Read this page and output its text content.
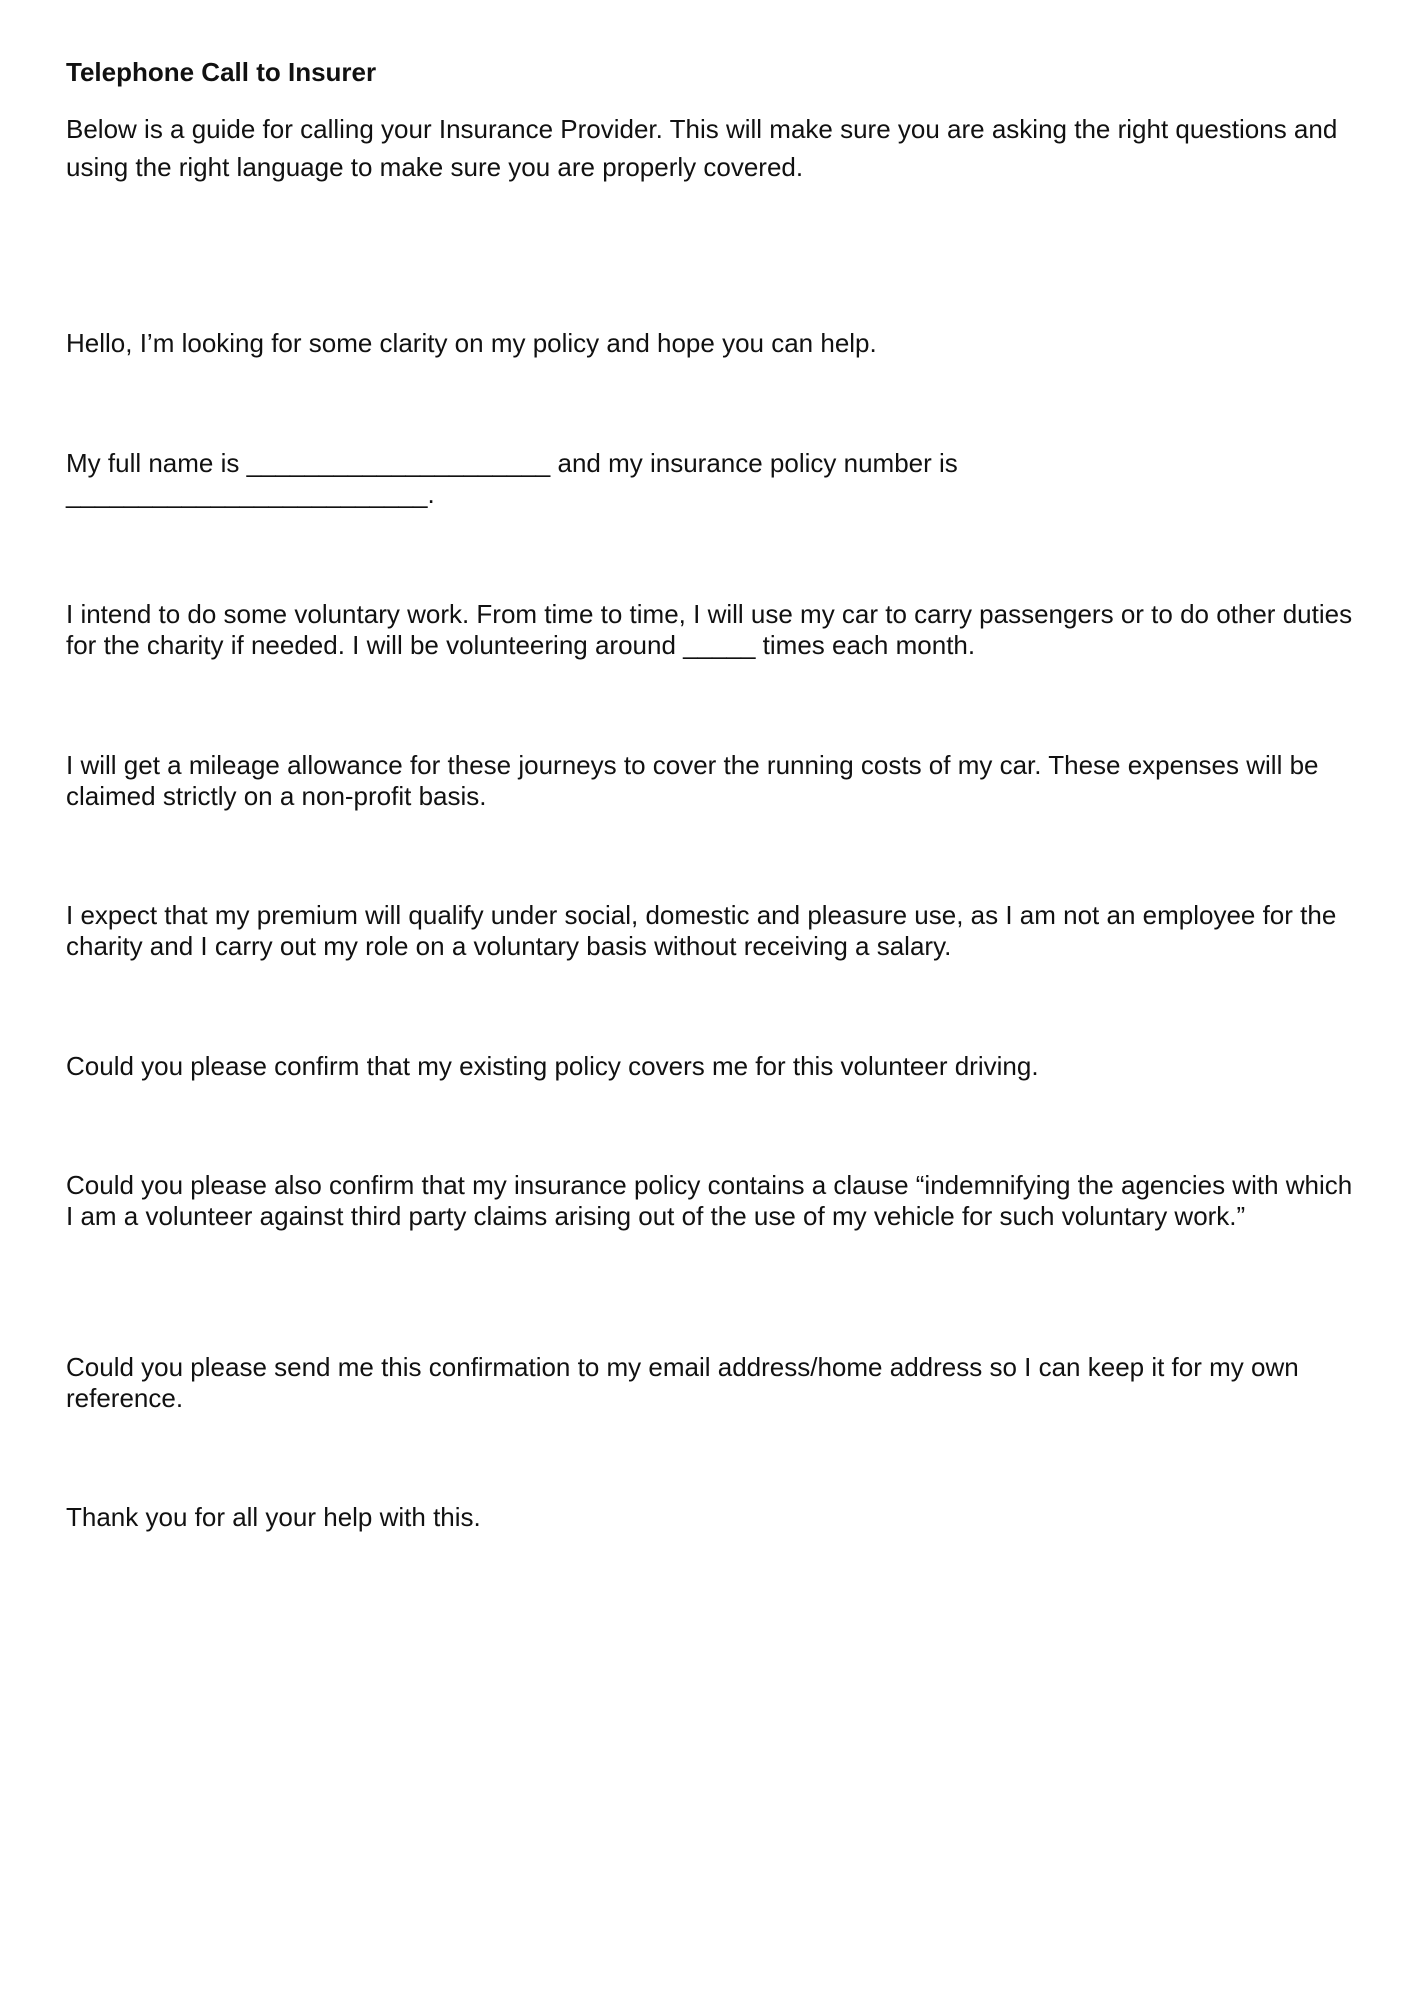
Telephone Call to Insurer

Below is a guide for calling your Insurance Provider. This will make sure you are asking the right questions and using the right language to make sure you are properly covered.

Hello, I’m looking for some clarity on my policy and hope you can help.

My full name is _____________________ and my insurance policy number is
_________________________.

I intend to do some voluntary work. From time to time, I will use my car to carry passengers or to do other duties for the charity if needed. I will be volunteering around _____ times each month.

I will get a mileage allowance for these journeys to cover the running costs of my car. These expenses will be claimed strictly on a non-profit basis.

I expect that my premium will qualify under social, domestic and pleasure use, as I am not an employee for the charity and I carry out my role on a voluntary basis without receiving a salary.

Could you please confirm that my existing policy covers me for this volunteer driving.

Could you please also confirm that my insurance policy contains a clause “indemnifying the agencies with which I am a volunteer against third party claims arising out of the use of my vehicle for such voluntary work.”

Could you please send me this confirmation to my email address/home address so I can keep it for my own reference.

Thank you for all your help with this.
